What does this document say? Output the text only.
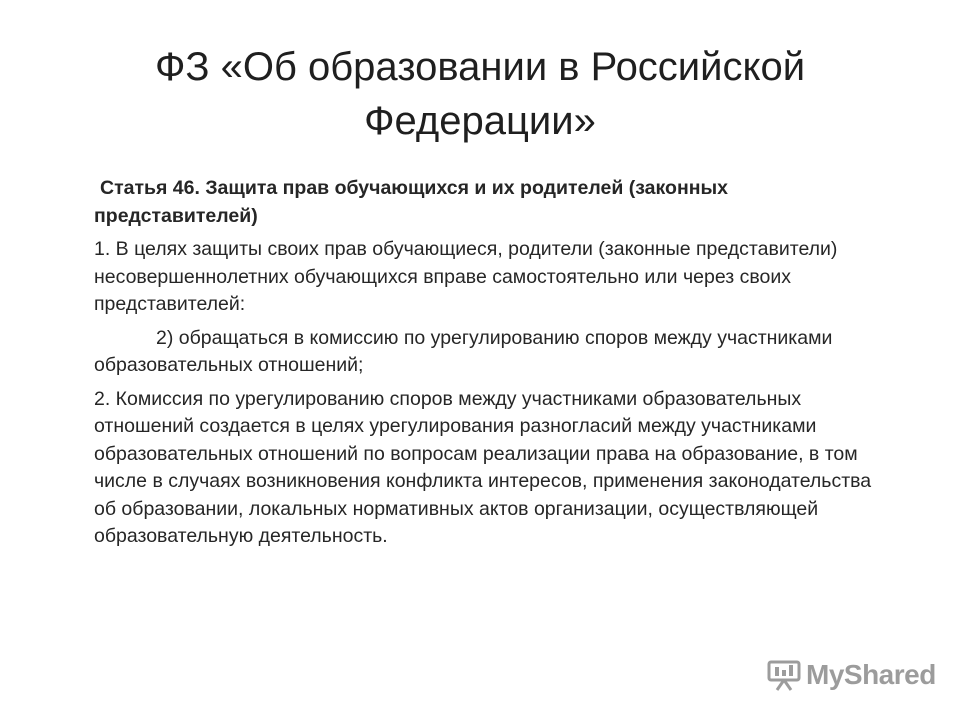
ФЗ «Об образовании в Российской Федерации»

Статья 46. Защита прав обучающихся и их родителей (законных представителей)

1. В целях защиты своих прав обучающиеся, родители (законные представители) несовершеннолетних обучающихся вправе самостоятельно или через своих представителей:

2) обращаться в комиссию по урегулированию споров между участниками образовательных отношений;

2. Комиссия по урегулированию споров между участниками образовательных отношений создается в целях урегулирования разногласий между участниками образовательных отношений по вопросам реализации права на образование, в том числе в случаях возникновения конфликта интересов, применения законодательства об образовании, локальных нормативных актов организации, осуществляющей образовательную деятельность.

MyShared
